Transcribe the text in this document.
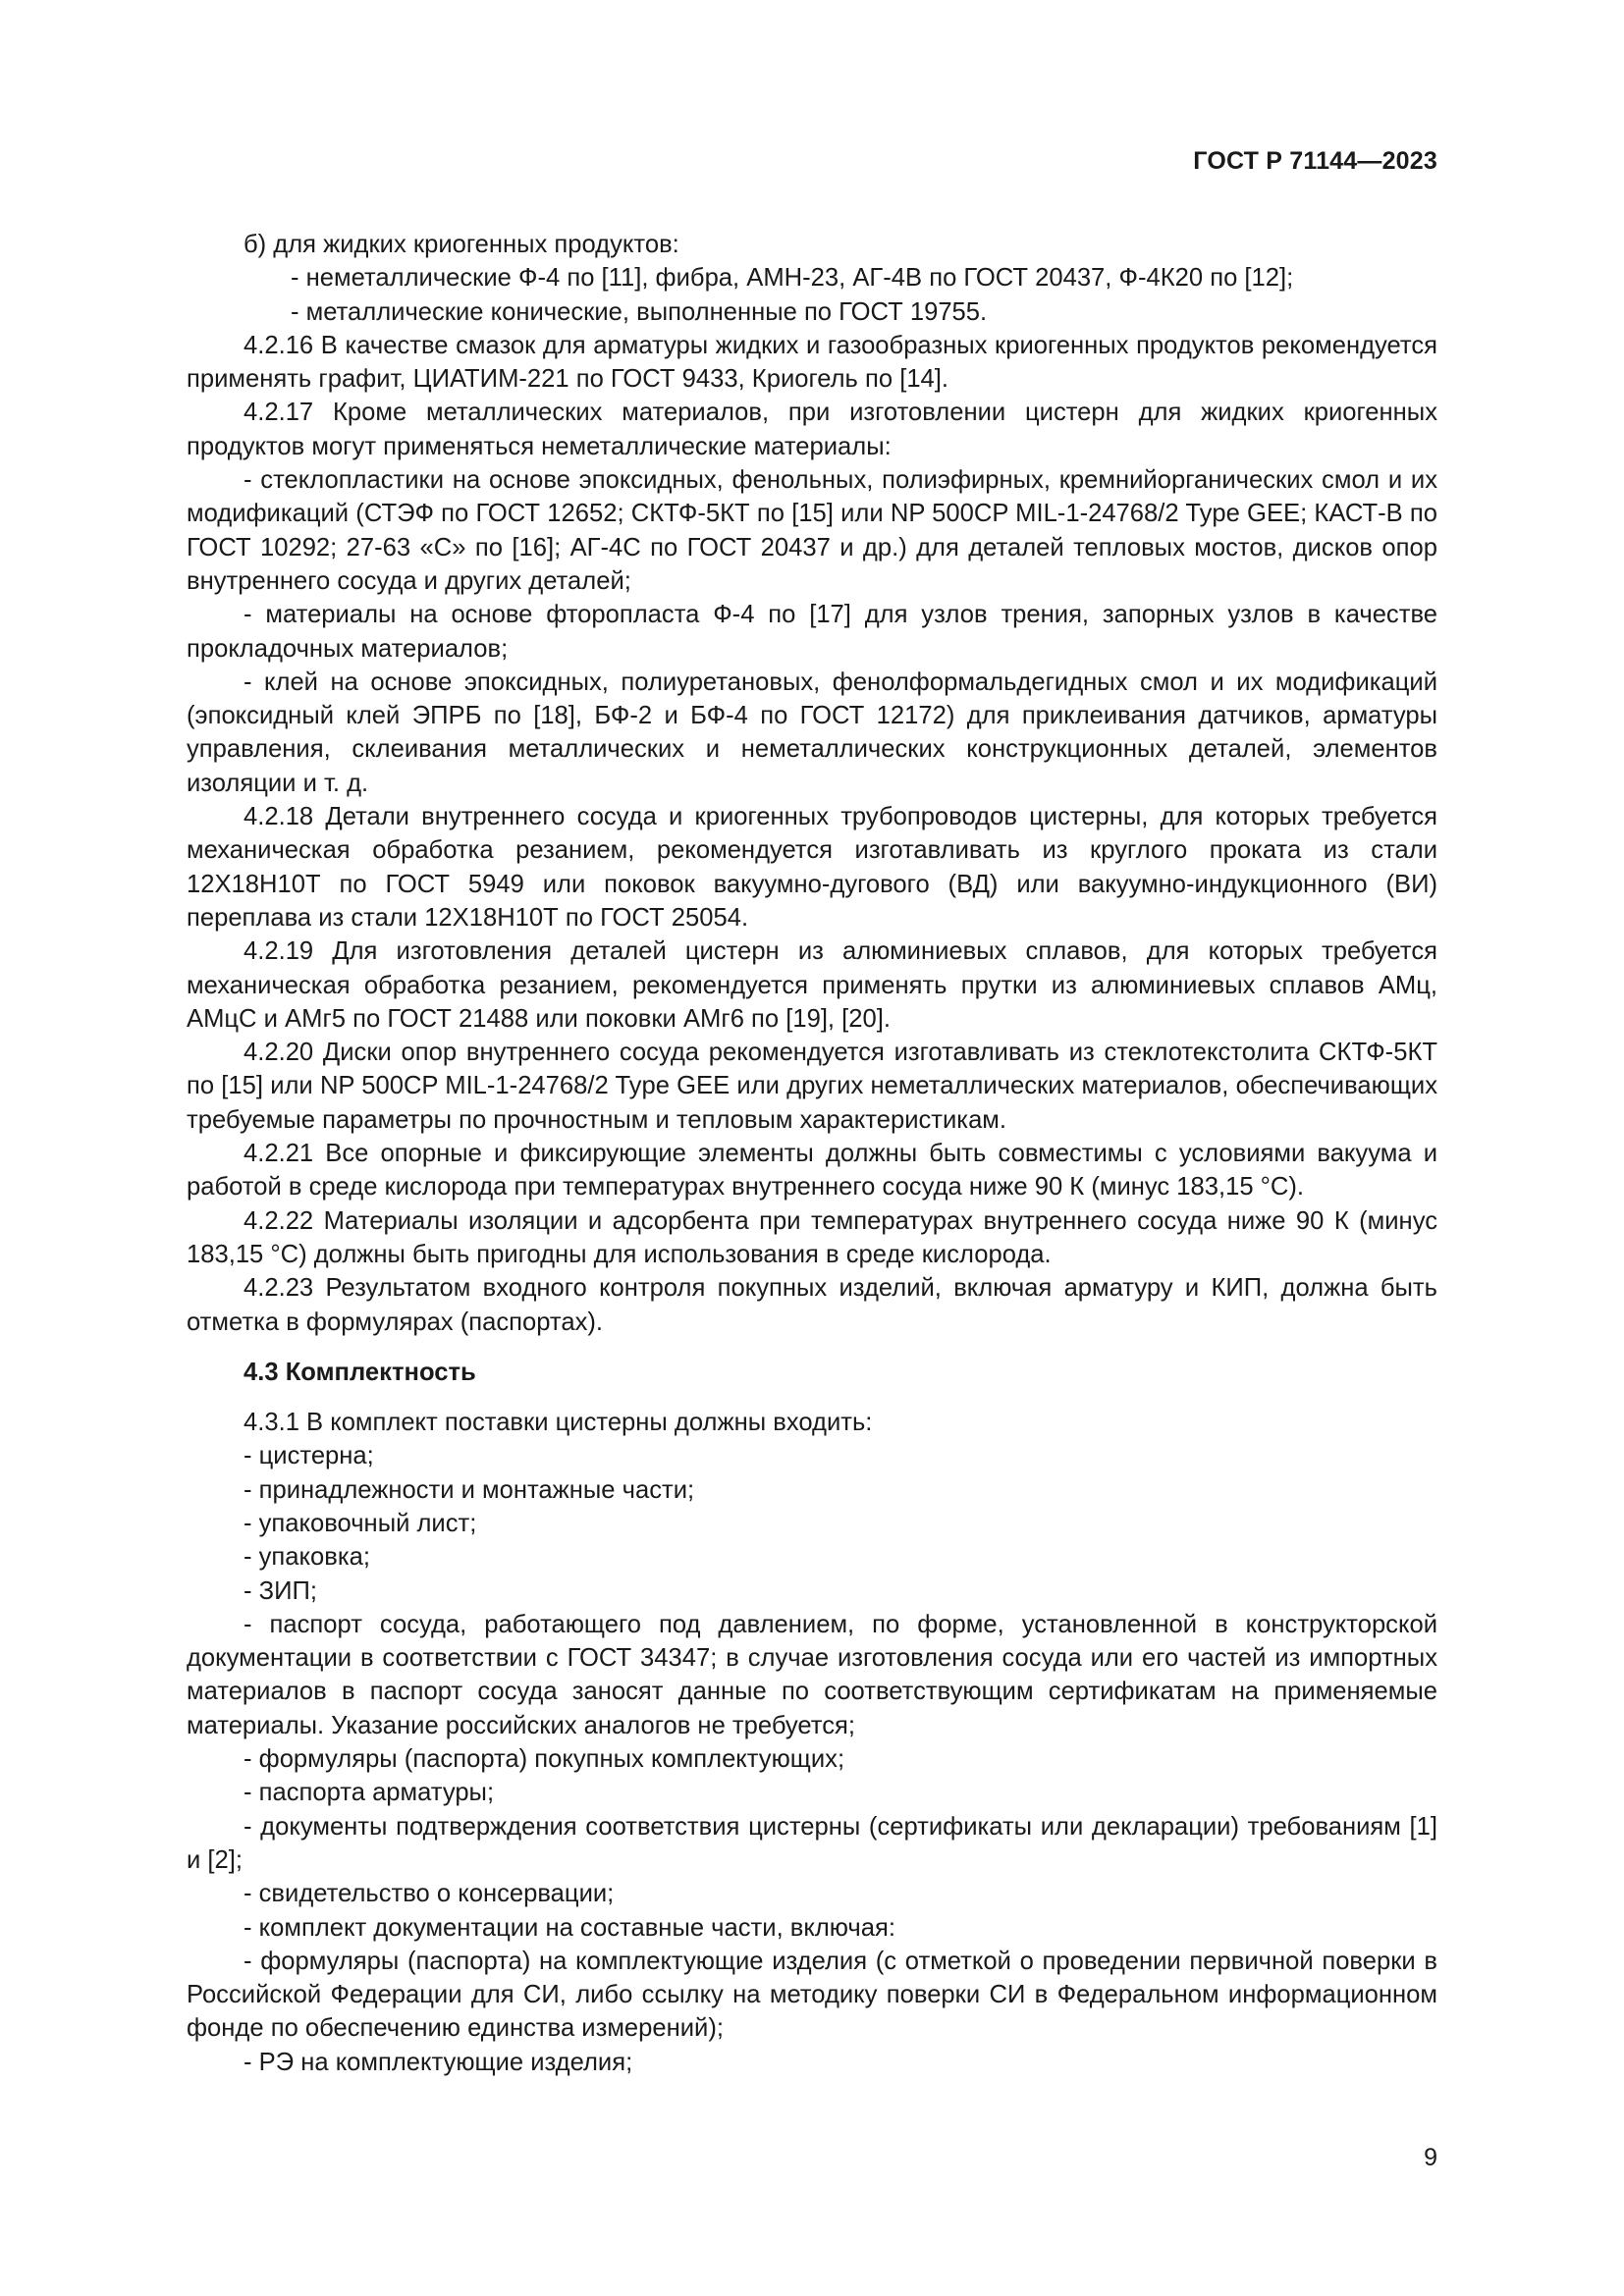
ГОСТ Р 71144—2023

б) для жидких криогенных продуктов:

- неметаллические Ф-4 по [11], фибра, АМН-23, АГ-4В по ГОСТ 20437, Ф-4К20 по [12];

- металлические конические, выполненные по ГОСТ 19755.

4.2.16 В качестве смазок для арматуры жидких и газообразных криогенных продуктов рекомендуется применять графит, ЦИАТИМ-221 по ГОСТ 9433, Криогель по [14].

4.2.17 Кроме металлических материалов, при изготовлении цистерн для жидких криогенных продуктов могут применяться неметаллические материалы:

- стеклопластики на основе эпоксидных, фенольных, полиэфирных, кремнийорганических смол и их модификаций (СТЭФ по ГОСТ 12652; СКТФ-5КТ по [15] или NP 500CP MIL-1-24768/2 Type GEE; КАСТ-В по ГОСТ 10292; 27-63 «С» по [16]; АГ-4С по ГОСТ 20437 и др.) для деталей тепловых мостов, дисков опор внутреннего сосуда и других деталей;

- материалы на основе фторопласта Ф-4 по [17] для узлов трения, запорных узлов в качестве прокладочных материалов;

- клей на основе эпоксидных, полиуретановых, фенолформальдегидных смол и их модификаций (эпоксидный клей ЭПРБ по [18], БФ-2 и БФ-4 по ГОСТ 12172) для приклеивания датчиков, арматуры управления, склеивания металлических и неметаллических конструкционных деталей, элементов изоляции и т. д.

4.2.18 Детали внутреннего сосуда и криогенных трубопроводов цистерны, для которых требуется механическая обработка резанием, рекомендуется изготавливать из круглого проката из стали 12Х18Н10Т по ГОСТ 5949 или поковок вакуумно-дугового (ВД) или вакуумно-индукционного (ВИ) переплава из стали 12Х18Н10Т по ГОСТ 25054.

4.2.19 Для изготовления деталей цистерн из алюминиевых сплавов, для которых требуется механическая обработка резанием, рекомендуется применять прутки из алюминиевых сплавов АМц, АМцС и АМг5 по ГОСТ 21488 или поковки АМг6 по [19], [20].

4.2.20 Диски опор внутреннего сосуда рекомендуется изготавливать из стеклотекстолита СКТФ-5КТ по [15] или NP 500CP MIL-1-24768/2 Type GEE или других неметаллических материалов, обеспечивающих требуемые параметры по прочностным и тепловым характеристикам.

4.2.21 Все опорные и фиксирующие элементы должны быть совместимы с условиями вакуума и работой в среде кислорода при температурах внутреннего сосуда ниже 90 К (минус 183,15 °С).

4.2.22 Материалы изоляции и адсорбента при температурах внутреннего сосуда ниже 90 К (минус 183,15 °С) должны быть пригодны для использования в среде кислорода.

4.2.23 Результатом входного контроля покупных изделий, включая арматуру и КИП, должна быть отметка в формулярах (паспортах).

4.3 Комплектность

4.3.1 В комплект поставки цистерны должны входить:

- цистерна;

- принадлежности и монтажные части;

- упаковочный лист;

- упаковка;

- ЗИП;

- паспорт сосуда, работающего под давлением, по форме, установленной в конструкторской документации в соответствии с ГОСТ 34347; в случае изготовления сосуда или его частей из импортных материалов в паспорт сосуда заносят данные по соответствующим сертификатам на применяемые материалы. Указание российских аналогов не требуется;

- формуляры (паспорта) покупных комплектующих;

- паспорта арматуры;

- документы подтверждения соответствия цистерны (сертификаты или декларации) требованиям [1] и [2];

- свидетельство о консервации;

- комплект документации на составные части, включая:

- формуляры (паспорта) на комплектующие изделия (с отметкой о проведении первичной поверки в Российской Федерации для СИ, либо ссылку на методику поверки СИ в Федеральном информационном фонде по обеспечению единства измерений);

- РЭ на комплектующие изделия;

9
